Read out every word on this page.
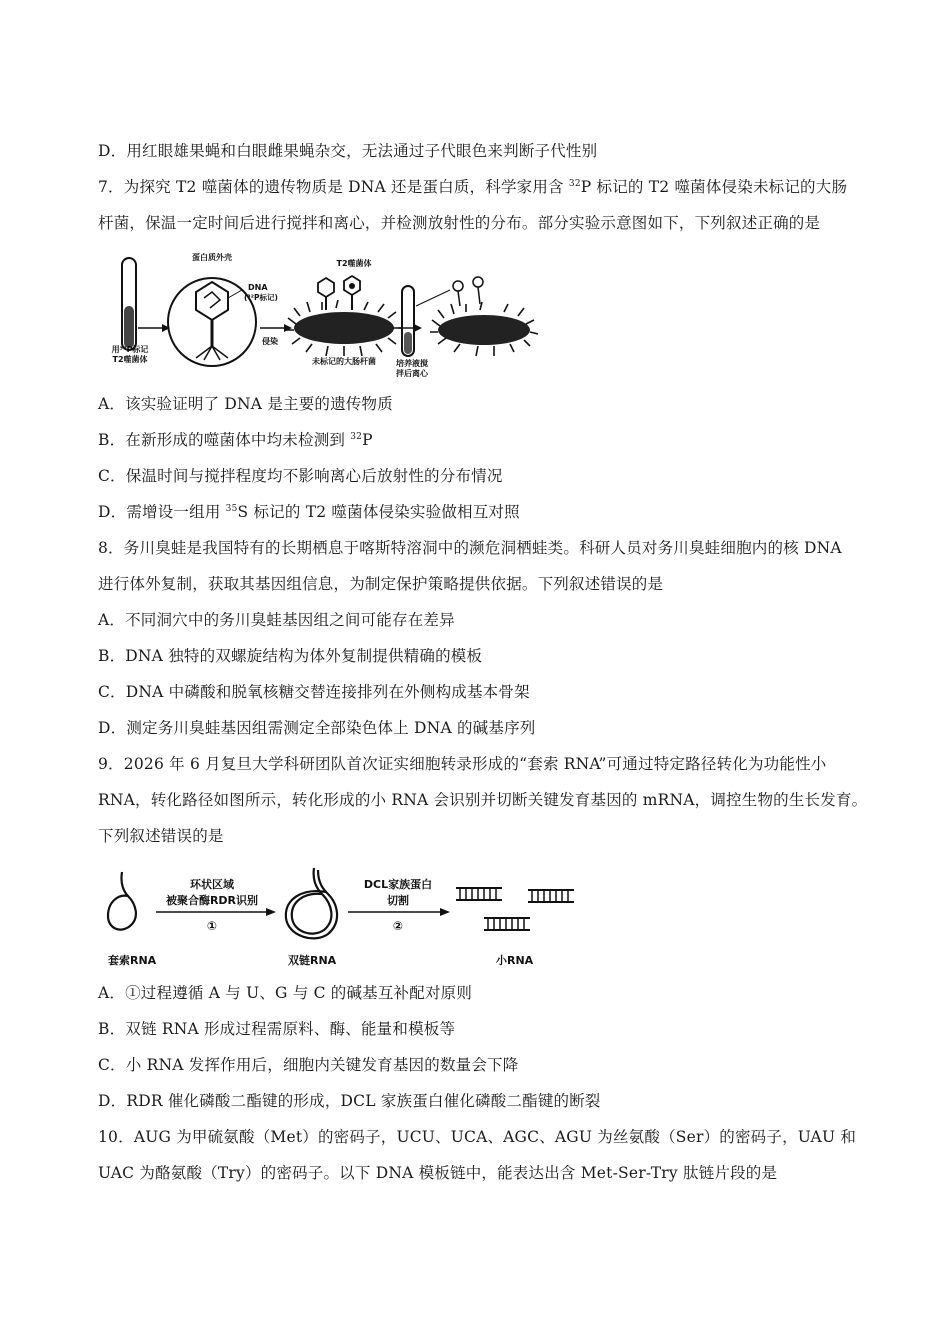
D．用红眼雄果蝇和白眼雌果蝇杂交，无法通过子代眼色来判断子代性别
7．为探究 T2 噬菌体的遗传物质是 DNA 还是蛋白质，科学家用含 $^{32}$P 标记的 T2 噬菌体侵染未标记的大肠
杆菌，保温一定时间后进行搅拌和离心，并检测放射性的分布。部分实验示意图如下，下列叙述正确的是
用³²P标记
T2噬菌体
蛋白质外壳
DNA
(³²P标记)
侵染
T2噬菌体
未标记的大肠杆菌	培养液搅
拌后离心
A．该实验证明了 DNA 是主要的遗传物质
B．在新形成的噬菌体中均未检测到 $^{32}$P
C．保温时间与搅拌程度均不影响离心后放射性的分布情况
D．需增设一组用 $^{35}$S 标记的 T2 噬菌体侵染实验做相互对照
8．务川臭蛙是我国特有的长期栖息于喀斯特溶洞中的濒危洞栖蛙类。科研人员对务川臭蛙细胞内的核 DNA
进行体外复制，获取其基因组信息，为制定保护策略提供依据。下列叙述错误的是
A．不同洞穴中的务川臭蛙基因组之间可能存在差异
B．DNA 独特的双螺旋结构为体外复制提供精确的模板
C．DNA 中磷酸和脱氧核糖交替连接排列在外侧构成基本骨架
D．测定务川臭蛙基因组需测定全部染色体上 DNA 的碱基序列
9．2026 年 6 月复旦大学科研团队首次证实细胞转录形成的“套索 RNA”可通过特定路径转化为功能性小
RNA，转化路径如图所示，转化形成的小 RNA 会识别并切断关键发育基因的 mRNA，调控生物的生长发育。
下列叙述错误的是
套索RNA
环状区域
被聚合酶RDR识别
①
双链RNA
DCL家族蛋白
切割
②
小RNA
A．①过程遵循 A 与 U、G 与 C 的碱基互补配对原则
B．双链 RNA 形成过程需原料、酶、能量和模板等
C．小 RNA 发挥作用后，细胞内关键发育基因的数量会下降
D．RDR 催化磷酸二酯键的形成，DCL 家族蛋白催化磷酸二酯键的断裂
10．AUG 为甲硫氨酸（Met）的密码子，UCU、UCA、AGC、AGU 为丝氨酸（Ser）的密码子，UAU 和
UAC 为酪氨酸（Try）的密码子。以下 DNA 模板链中，能表达出含 Met-Ser-Try 肽链片段的是
